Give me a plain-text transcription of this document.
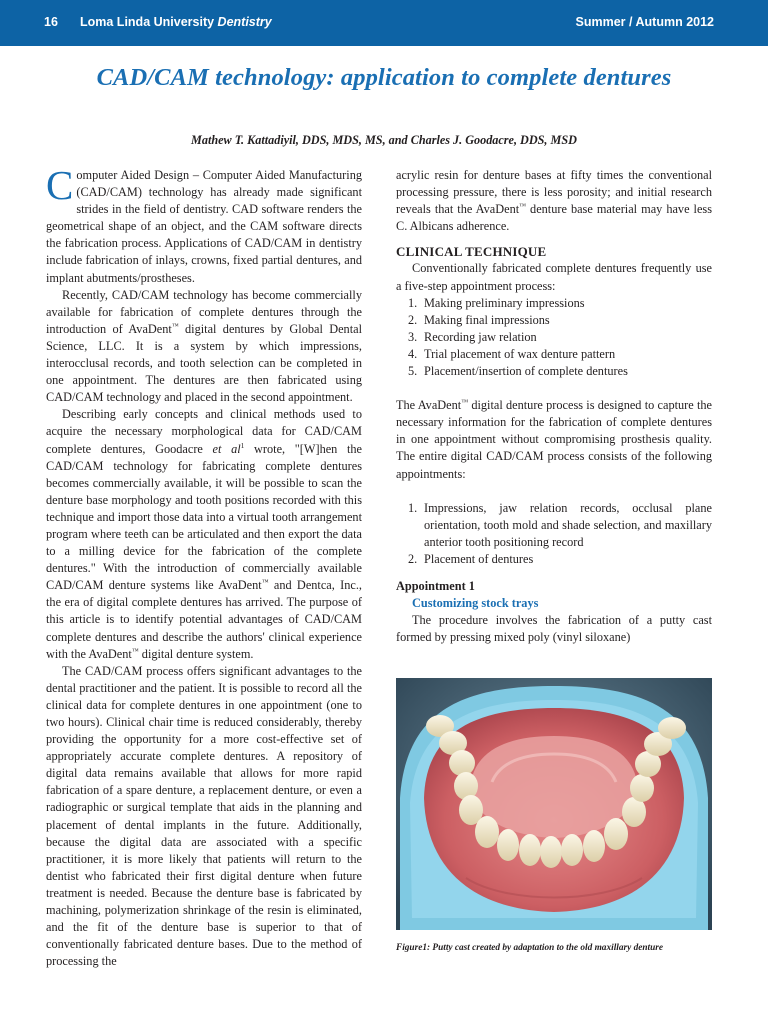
16 Loma Linda University Dentistry	Summer / Autumn 2012
CAD/CAM technology: application to complete dentures
Mathew T. Kattadiyil, DDS, MDS, MS, and Charles J. Goodacre, DDS, MSD

Computer Aided Design – Computer Aided Manufacturing (CAD/CAM) technology has already made significant strides in the field of dentistry. CAD software renders the geometrical shape of an object, and the CAM software directs the fabrication process. Applications of CAD/CAM in dentistry include fabrication of inlays, crowns, fixed partial dentures, and implant abutments/prostheses.

Recently, CAD/CAM technology has become commercially available for fabrication of complete dentures through the introduction of AvaDent™ digital dentures by Global Dental Science, LLC. It is a system by which impressions, interocclusal records, and tooth selection can be completed in one appointment. The dentures are then fabricated using CAD/CAM technology and placed in the second appointment.

Describing early concepts and clinical methods used to acquire the necessary morphological data for CAD/CAM complete dentures, Goodacre et $al^1$ wrote, "[W]hen the CAD/CAM technology for fabricating complete dentures becomes commercially available, it will be possible to scan the denture base morphology and tooth positions recorded with this technique and import those data into a virtual tooth arrangement program where teeth can be articulated and then export the data to a milling device for the fabrication of the complete dentures." With the introduction of commercially available CAD/CAM denture systems like AvaDent™ and Dentca, Inc., the era of digital complete dentures has arrived. The purpose of this article is to identify potential advantages of CAD/CAM complete dentures and describe the authors' clinical experience with the AvaDent™ digital denture system.

The CAD/CAM process offers significant advantages to the dental practitioner and the patient. It is possible to record all the clinical data for complete dentures in one appointment (one to two hours). Clinical chair time is reduced considerably, thereby providing the opportunity for a more cost-effective set of appropriately accurate complete dentures. A repository of digital data remains available that allows for more rapid fabrication of a spare denture, a replacement denture, or even a radiographic or surgical template that aids in the planning and placement of dental implants in the future. Additionally, because the digital data are associated with a specific practitioner, it is more likely that patients will return to the dentist who fabricated their first digital denture when future treatment is needed. Because the denture base is fabricated by machining, polymerization shrinkage of the resin is eliminated, and the fit of the denture base is superior to that of conventionally fabricated denture bases. Due to the method of processing the

acrylic resin for denture bases at fifty times the conventional processing pressure, there is less porosity; and initial research reveals that the AvaDent™ denture base material may have less C. Albicans adherence.

CLINICAL TECHNIQUE

Conventionally fabricated complete dentures frequently use a five-step appointment process:

1. Making preliminary impressions
2. Making final impressions
3. Recording jaw relation
4. Trial placement of wax denture pattern
5. Placement/insertion of complete dentures

The AvaDent™ digital denture process is designed to capture the necessary information for the fabrication of complete dentures in one appointment without compromising prosthesis quality. The entire digital CAD/CAM process consists of the following appointments:

1. Impressions, jaw relation records, occlusal plane orientation, tooth mold and shade selection, and maxillary anterior tooth positioning record
2. Placement of dentures
Appointment 1
Customizing stock trays

The procedure involves the fabrication of a putty cast formed by pressing mixed poly (vinyl siloxane)

Figure1: Putty cast created by adaptation to the old maxillary denture
